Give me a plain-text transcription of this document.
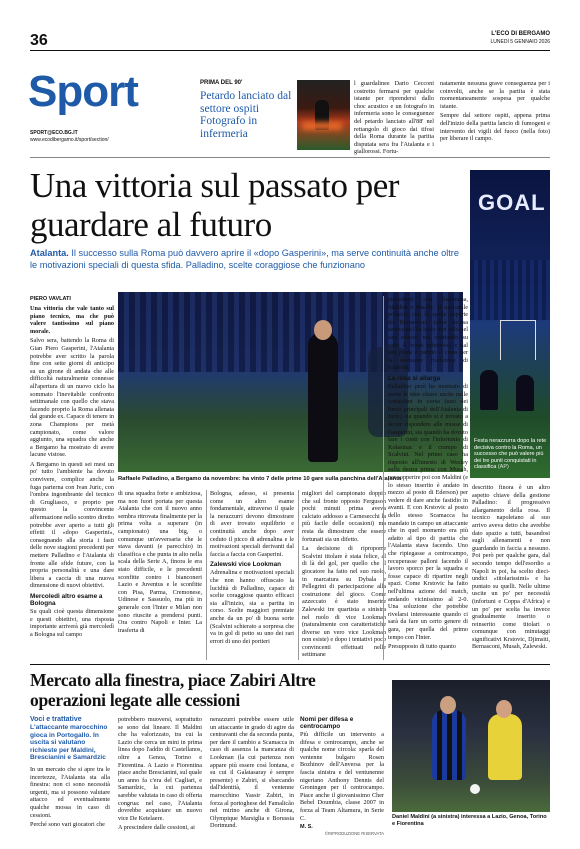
36	L'ECO DI BERGAMO
LUNEDÌ 5 GENNAIO 2026
Sport
SPORT@ECO.BG.IT
www.ecodibergamo.it/sport/section/
PRIMA DEL 90'
Petardo lanciato dal settore ospiti Fotografo in infermeria

l guardalinee Dario Cecconi costretto fermarsi per qualche istante per riprendersi dallo choc acustico e un fotografo in infermeria sono le conseguenze del petardo lanciato all'88' nel rettangolo di gioco dai tifosi della Roma durante la partita disputata sera fra l'Atalanta e i giallorossi. Fortu-

natamente nessuna grave conseguenza per i coinvolti, anche se la partita è stata momentaneamente sospesa per qualche istante.

Sempre dal settore ospiti, appena prima dell'inizio della partita lancio di fumogeni e intervento dei vigili del fuoco (nella foto) per liberare il campo.

Una vittoria sul passato per guardare al futuro
Atalanta. Il successo sulla Roma può davvero aprire il «dopo Gasperini», ma serve continuità anche oltre le motivazioni speciali di questa sfida. Palladino, scelte coraggiose che funzionano
GOAL
Festa nerazzurra dopo la rete decisiva contro la Roma, un successo che può valere più dei tre punti conquistati in classifica (AP)
PIERO VAVLATI

Una vittoria che vale tanto sul piano tecnico, ma che può valere tantissimo sul piano morale.

Salvo sera, battendo la Roma di Gian Piero Gasperini, l'Atalanta potrebbe aver scritto la parola fine con sette giorni di anticipo su un girone di andata che alle difficoltà naturalmente connesse all'apertura di un nuovo ciclo ha sommato l'inevitabile confronto settimanale con quello che stava facendo proprio la Roma allenata dal grande ex. Capace di tenere in zona Champions per metà campionato, come valore aggiunto, una squadra che anche a Bergamo ha mostrato di avere lacune vistose.

A Bergamo in questi sei mesi un po' tutto l'ambiente ha dovuto convivere, complice anche la fuga parterna con Ivan Juric, con l'ombra ingombrante del tecnico di Grugliasco, e proprio per questo la convincente affermazione nello scontro diretto potrebbe aver aperto a tutti gli effetti il «dopo Gasperini», consegnando alla storia i fasti delle nove stagioni precedenti per mettere Palladino e l'Atalanta di fronte alle sfide future, con la propria personalità e una dare libera a caccia di una nuova dimensione di nuovi obiettivi.

Mercoledì altro esame a Bologna

Su quali cioè questa dimensione e questi obiettivi, una risposta importante arriverà già mercoledì a Bologna sul campo

Raffaele Palladino, a Bergamo da novembre: ha vinto 7 delle prime 10 gare sulla panchina dell'Atalanta

di una squadra forte e ambiziosa, ma non fuori portata per questa Atalanta che con il nuovo anno sembra ritrovata finalmente per la prima volta a superare (in campionato) una big, o comunque un'avversaria che le stava davanti (e parecchio) in classifica e che punta in alto nella scala della Serie A, finora le era stato difficile, e le precedenti sconfitte contro i bianconeri Lazio e Juventus e le sconfitte con Pisa, Parma, Cremonese, Udinese e Sassuolo, ma più in generale con l'Inter e Milan non sono riuscite a prendersi punti. Ora contro Napoli e Inter. La trasferta di

Bologna, adesso, si presenta come un altro esame fondamentale, attraverso il quale la nerazzurri devono dimostrare di aver trovato equilibrio e continuità anche dopo aver ceduto il picco di adrenalina e le motivazioni speciali derivanti dal faccia a faccia con Gasperini.

Zalewski vice Lookman

Adrenalina e motivazioni speciali che non hanno offuscato la lucidità di Palladino, capace di scelte coraggiose quanto efficaci sia all'inizio, sia a partita in corso. Scelte maggiori premiate anche da un po' di buona sorte (Scalvini schierato a sorpresa che va in gol di petto su uno dei rari errori di uno dei portieri

migliori del campionato doppio che sul fronte opposto Ferguson pochi minuti prima aveva calciato addosso a Carnesecchi la più facile delle occasioni) ma resta da dimostrare che essere fortunati sia un difetto.

La decisione di riproporre Scalvini titolare è stata felice, al di là del gol, per quello che il giocatore ha fatto nel suo ruolo, in marcatura su Dybala e Pellegrini di partecipazione alla costruzione del gioco. Come azzeccato è stato inserire Zalewski tre quartista a sinistra nel ruolo di vice Lookman (naturalmente con caratteristiche diverse un vero vice Lookman non esiste) e dopo i tentativi poco convincenti effettuati nelle settimane

precedenti con Sulemana, Maldini e Pasalic. Il nazionale polacco, con le spalle coperte da Bernasconi (altra mossa azzeccata) ha lucio non solo nel suo settore, ma svariando su tutto il fronte offensivo, e dal suo piede è partito il cross per la decisione risolutrice di Scalvini.

La rosa si allarga

Palladino però ha mostrato di avere le idee chiare anche nelle variazioni in corsa (uno dei limiti principali dell'Atalanta di Juric) sia quando si è trovato a dover rispondere alle mosse di Gasperini, sia quando ha dovuto fare i conti con l'infortunio di Kolasinac e il crampo di Scalvini. Nel primo caso ha risposto all'innesto di Wesley sulla destra prima con Musah, per sopperire poi con Maldini (e lo stesso inserito è andato in mezzo al posto di Ederson) per vedere di dare anche fastidio in avanti. E con Krstovic al posto dello stesso Scamacca ha mandato in campo un attaccante che in quel momento era più adatto al tipo di partita che l'Atalanta stava facendo. Uno che ripiegasse a centrocampo, recuperasse palloni facendo il lavoro sporco per la squadra e fosse capace di ripartire negli spazi. Come Krstovic ha fatto nell'ultima azione del match, andando vicinissimo al 2-0. Una soluzione che potrebbe rivelarsi interessante quando ci sarà da fare un certo genere di gara, per quella del primo tempo con l'Inter.

Presupposto di tutto quanto

descritto finora è un altro aspetto chiave della gestione Palladino: il progressivo allargamento della rosa. Il tecnico napoletano al suo arrivo aveva detto che avrebbe dato spazio a tutti, basandosi sugli allenamenti e non guardando in faccia a nessuno. Poi però per qualche gara, dal secondo tempo dell'esordio a Napoli in poi, ha scelto dieci-undici «titolarissimi» e ha puntato su quelli. Nelle ultime uscite un po' per necessità (infortuni e Coppa d'Africa) e un po' per scelta ha invece gradualmente inserito o reinserito come titolari o comunque con minutaggi significativi Krstovic, Djimsiti, Bernasconi, Musah, Zalewski.

Mercato alla finestra, piace Zabiri Altre operazioni legate alle cessioni
Voci e trattative
L'attaccante marocchino gioca in Portogallo. In uscita si valutano richieste per Maldini, Brescianini e Samardzic

In un mercato che si apre tra le incertezze, l'Atalanta sta alla finestra: non ci sono necessità urgenti, ma si possono valutare attacco ed eventualmente qualche mossa in caso di cessioni.

Perché sono vari giocatori che

potrebbero muoversi, soprattutto se sono dai lineare. Il Maldini che ha valorizzato, tra cui la Lazio che cerca un mini in prima linea dopo l'addio di Castellanos, oltre a Genoa, Torino e Fiorentina. A Lazio e Fiorentina piace anche Brescianini, sul quale un anno fa c'era del Cagliari, e Samardzic, la cui partenza sarebbe valutata in caso di offerta congrua: nel caso, l'Atalanta dovrebbe acquistare un nuovo vice De Ketelaere.

A prescindere dalle cessioni, ai

nerazzurri potrebbe essere utile un attaccante in grado di agire da centravanti che da seconda punta, per dare il cambio a Scamacca in caso di assenza la mancanza di Lookman (la cui partenza non appare più essere così lontana, e su cui il Galatasaray è sempre presente) e Zabiri, si sbarcando dall'identità, il ventenne marocchino Yassir Zabiri, in forza al portoghese del Famalicão nel mirino anche di Girona, Olympique Marsiglia e Borussia Dortmund.

Nomi per difesa e centrocampo

Più difficile un intervento a difesa e centrocampo, anche se qualche nome circola: sparla del ventenne bulgaro Rosen Bozhinov dell'Anversa per la fascia sinistra e del ventunenne nigeriano Anthony Dennis del Groningen per il centrocampo. Piace anche il giovanissimo Cher Bebel Doumbia, classe 2007 in forza al Team Altamura, in Serie C.

M. S.
©RIPRODUZIONE RISERVATA
Daniel Maldini (a sinistra) interessa a Lazio, Genoa, Torino e Fiorentina
